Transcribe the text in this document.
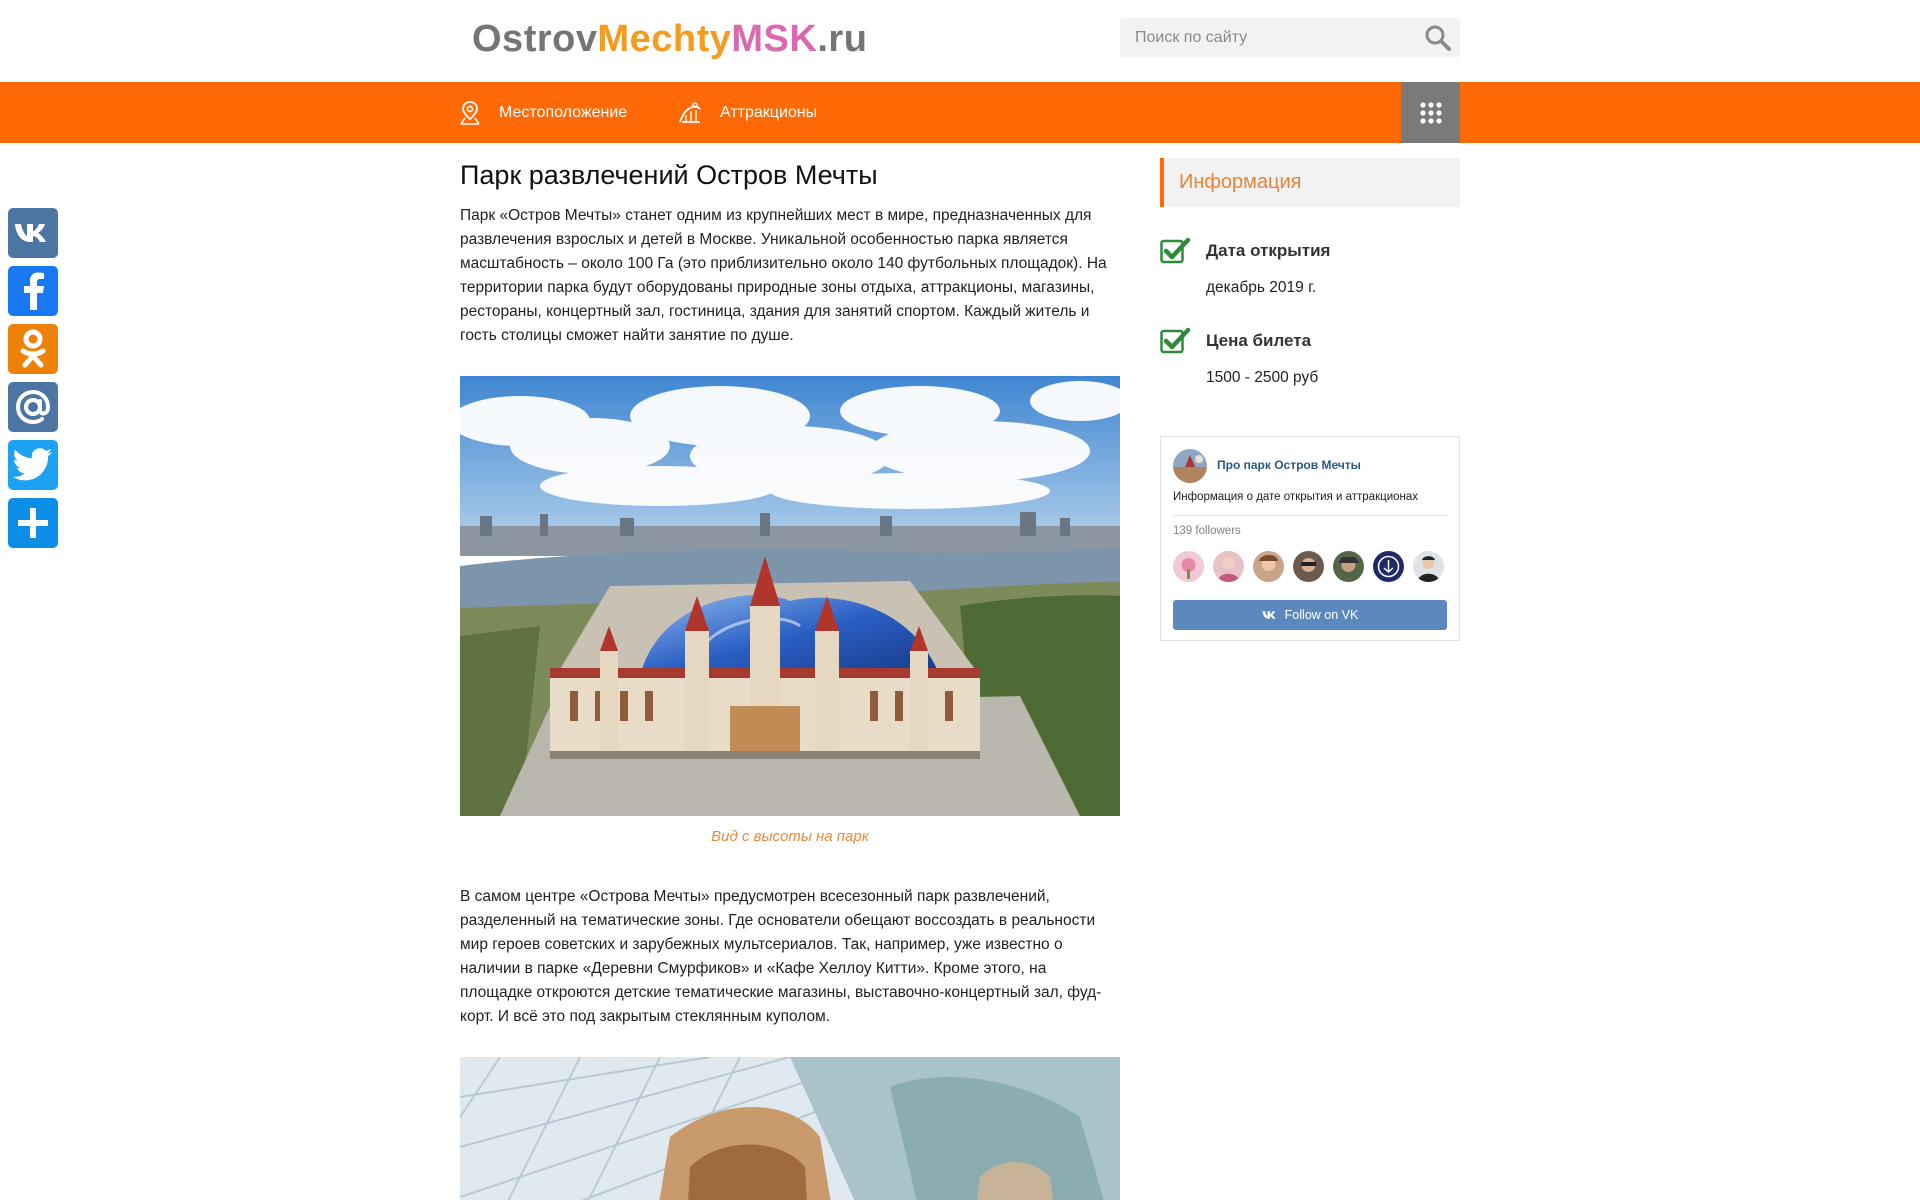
OstrovMechtyMSK.ru
Поиск по сайту
Местоположение	Аттракционы
Парк развлечений Остров Мечты

Парк «Остров Мечты» станет одним из крупнейших мест в мире, предназначенных для развлечения взрослых и детей в Москве. Уникальной особенностью парка является масштабность – около 100 Га (это приблизительно около 140 футбольных площадок). На территории парка будут оборудованы природные зоны отдыха, аттракционы, магазины, рестораны, концертный зал, гостиница, здания для занятий спортом. Каждый житель и гость столицы сможет найти занятие по душе.

Вид с высоты на парк

В самом центре «Острова Мечты» предусмотрен всесезонный парк развлечений, разделенный на тематические зоны. Где основатели обещают воссоздать в реальности мир героев советских и зарубежных мультсериалов. Так, например, уже известно о наличии в парке «Деревни Смурфиков» и «Кафе Хеллоу Китти». Кроме этого, на площадке откроются детские тематические магазины, выставочно-концертный зал, фуд-корт. И всё это под закрытым стеклянным куполом.

Информация
Дата открытия
декабрь 2019 г.
Цена билета
1500 - 2500 руб
Про парк Остров Мечты
Информация о дате открытия и аттракционах
139 followers
Follow on VK
